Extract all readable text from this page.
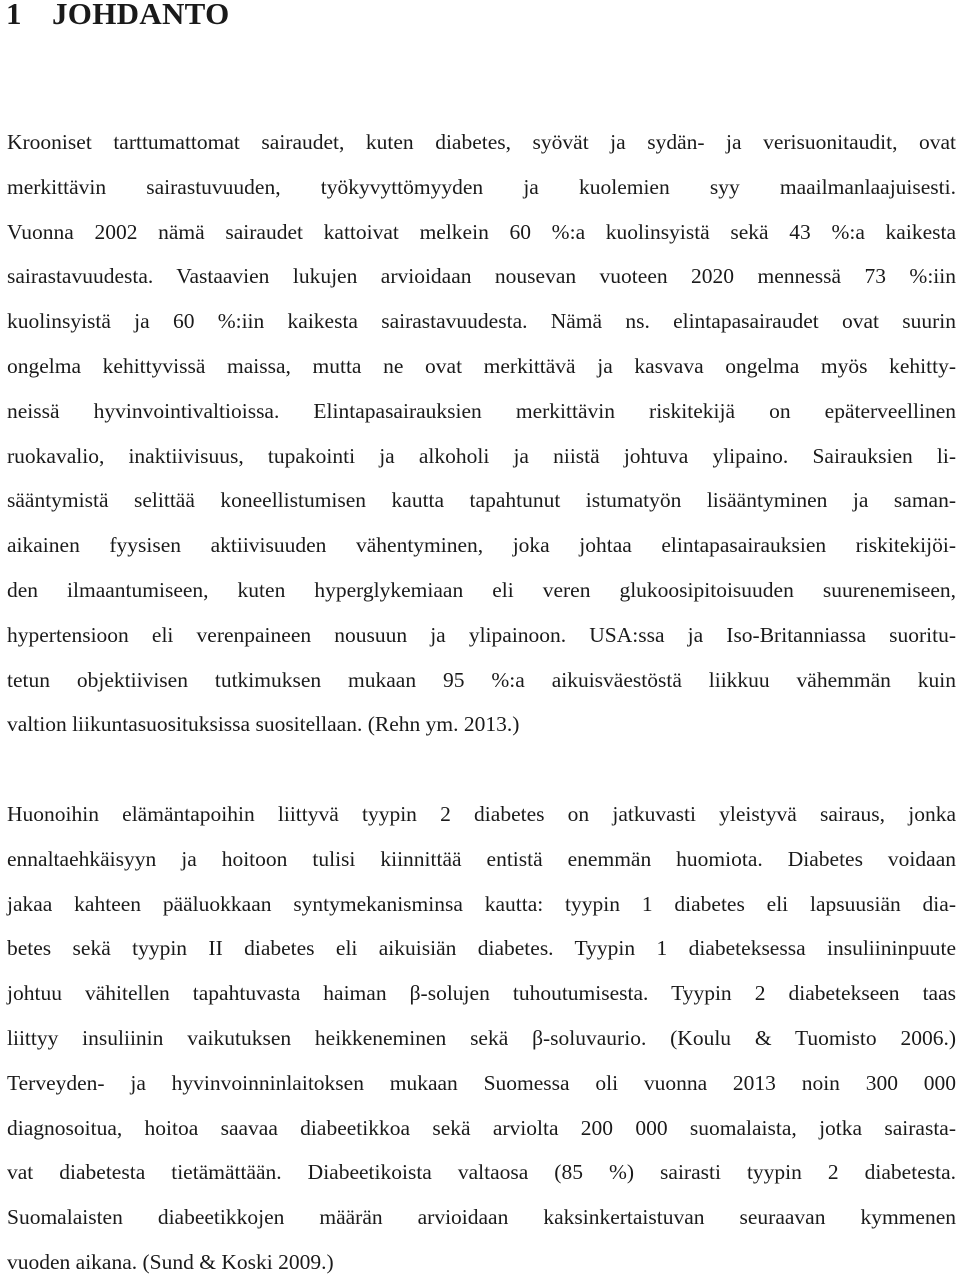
1 JOHDANTO
Krooniset tarttumattomat sairaudet, kuten diabetes, syövät ja sydän- ja verisuonitaudit, ovat
merkittävin sairastuvuuden, työkyvyttömyyden ja kuolemien syy maailmanlaajuisesti.
Vuonna 2002 nämä sairaudet kattoivat melkein 60 %:a kuolinsyistä sekä 43 %:a kaikesta
sairastavuudesta. Vastaavien lukujen arvioidaan nousevan vuoteen 2020 mennessä 73 %:iin
kuolinsyistä ja 60 %:iin kaikesta sairastavuudesta. Nämä ns. elintapasairaudet ovat suurin
ongelma kehittyvissä maissa, mutta ne ovat merkittävä ja kasvava ongelma myös kehitty-
neissä hyvinvointivaltioissa. Elintapasairauksien merkittävin riskitekijä on epäterveellinen
ruokavalio, inaktiivisuus, tupakointi ja alkoholi ja niistä johtuva ylipaino. Sairauksien li-
sääntymistä selittää koneellistumisen kautta tapahtunut istumatyön lisääntyminen ja saman-
aikainen fyysisen aktiivisuuden vähentyminen, joka johtaa elintapasairauksien riskitekijöi-
den ilmaantumiseen, kuten hyperglykemiaan eli veren glukoosipitoisuuden suurenemiseen,
hypertensioon eli verenpaineen nousuun ja ylipainoon. USA:ssa ja Iso-Britanniassa suoritu-
tetun objektiivisen tutkimuksen mukaan 95 %:a aikuisväestöstä liikkuu vähemmän kuin
valtion liikuntasuosituksissa suositellaan. (Rehn ym. 2013.)
Huonoihin elämäntapoihin liittyvä tyypin 2 diabetes on jatkuvasti yleistyvä sairaus, jonka
ennaltaehkäisyyn ja hoitoon tulisi kiinnittää entistä enemmän huomiota. Diabetes voidaan
jakaa kahteen pääluokkaan syntymekanisminsa kautta: tyypin 1 diabetes eli lapsuusiän dia-
betes sekä tyypin II diabetes eli aikuisiän diabetes. Tyypin 1 diabeteksessa insuliininpuute
johtuu vähitellen tapahtuvasta haiman β-solujen tuhoutumisesta. Tyypin 2 diabetekseen taas
liittyy insuliinin vaikutuksen heikkeneminen sekä β-soluvaurio. (Koulu & Tuomisto 2006.)
Terveyden- ja hyvinvoinninlaitoksen mukaan Suomessa oli vuonna 2013 noin 300 000
diagnosoitua, hoitoa saavaa diabeetikkoa sekä arviolta 200 000 suomalaista, jotka sairasta-
vat diabetesta tietämättään. Diabeetikoista valtaosa (85 %) sairasti tyypin 2 diabetesta.
Suomalaisten diabeetikkojen määrän arvioidaan kaksinkertaistuvan seuraavan kymmenen
vuoden aikana. (Sund & Koski 2009.)
